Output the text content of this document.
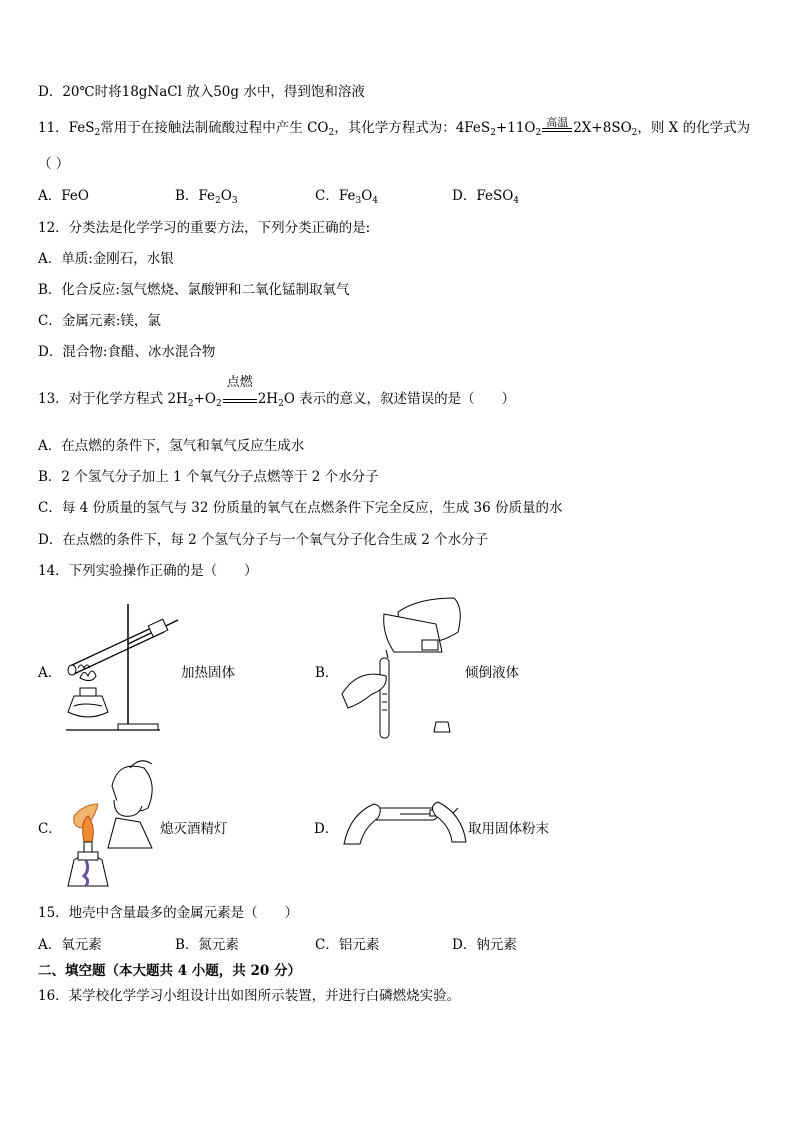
D．20℃时将18gNaCl 放入50g 水中，得到饱和溶液
11．FeS$_2$常用于在接触法制硫酸过程中产生 $CO_2$，其化学方程式为：$4FeS_2+11O_2$
高温 $2X+8SO_2$，则 X 的化学式为
（ ）
A．FeO	B．$Fe_2O_3$	C．$Fe_3O_4$	D．FeSO$_4$
12．分类法是化学学习的重要方法，下列分类正确的是:
A．单质:金刚石，水银
B．化合反应:氢气燃烧、氯酸钾和二氧化锰制取氧气
C．金属元素:镁，氯
D．混合物:食醋、冰水混合物
13．对于化学方程式 $2H_2+O_2$
点燃
$2H_2O$ 表示的意义，叙述错误的是（　　）
A．在点燃的条件下，氢气和氧气反应生成水
B．2 个氢气分子加上 1 个氧气分子点燃等于 2 个水分子
C．每 4 份质量的氢气与 32 份质量的氧气在点燃条件下完全反应，生成 36 份质量的水
D．在点燃的条件下，每 2 个氢气分子与一个氧气分子化合生成 2 个水分子
14．下列实验操作正确的是（　　）
A．	加热固体	B．	倾倒液体
C．	熄灭酒精灯	D．	取用固体粉末
15．地壳中含量最多的金属元素是（　　）
A．氧元素	B．氮元素	C．铝元素	D．钠元素
二、填空题（本大题共 4 小题，共 20 分）
16．某学校化学学习小组设计出如图所示装置，并进行白磷燃烧实验。
